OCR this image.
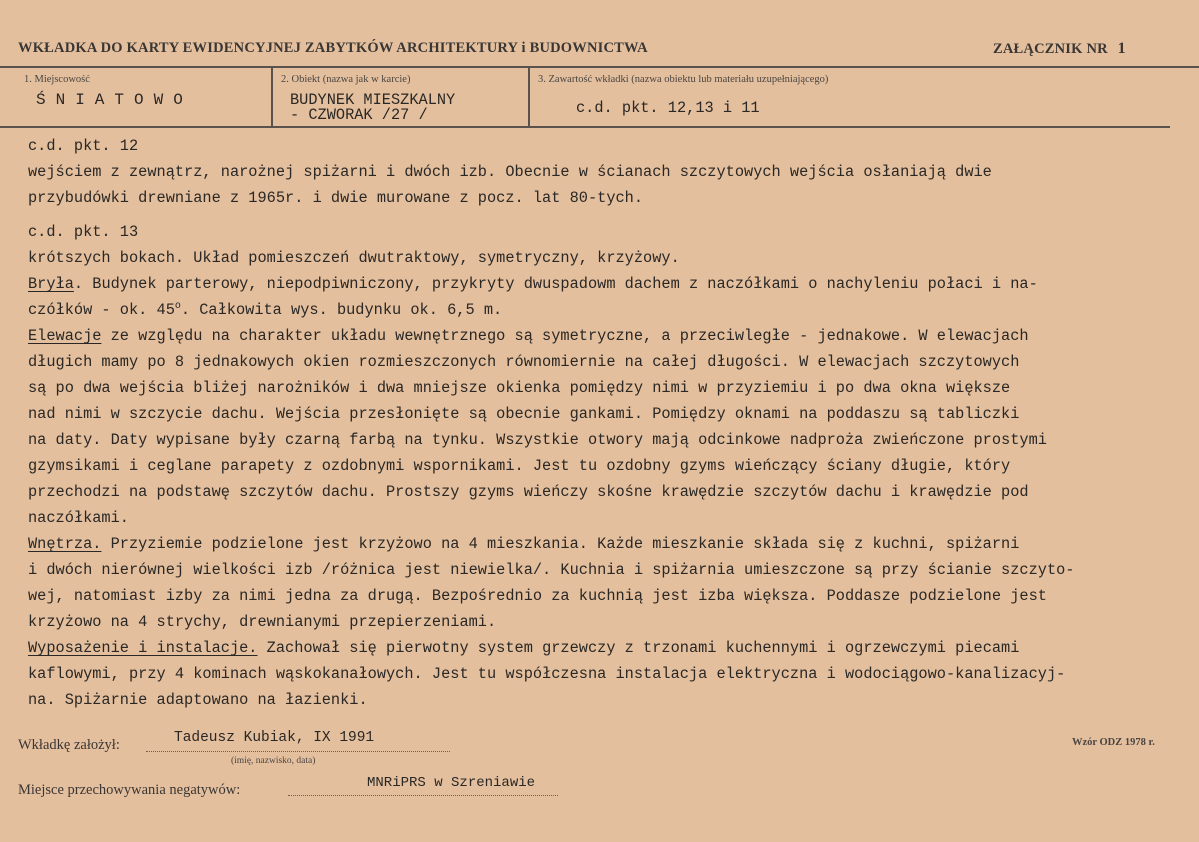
WKŁADKA DO KARTY EWIDENCYJNEJ ZABYTKÓW ARCHITEKTURY i BUDOWNICTWA	ZAŁĄCZNIK NR 1
1. Miejscowość
ŚNIATOWO
2. Obiekt (nazwa jak w karcie)
BUDYNEK MIESZKALNY
- CZWORAK /27 /
3. Zawartość wkładki (nazwa obiektu lub materiału uzupełniającego)
c.d. pkt. 12,13 i 11
c.d. pkt. 12
wejściem z zewnątrz, narożnej spiżarni i dwóch izb. Obecnie w ścianach szczytowych wejścia osłaniają dwie
przybudówki drewniane z 1965r. i dwie murowane z pocz. lat 80-tych.
c.d. pkt. 13
krótszych bokach. Układ pomieszczeń dwutraktowy, symetryczny, krzyżowy.
Bryła. Budynek parterowy, niepodpiwniczony, przykryty dwuspadowm dachem z naczółkami o nachyleniu połaci i na-
czółków - ok. 45$^o$. Całkowita wys. budynku ok. 6,5 m.
Elewacje ze względu na charakter układu wewnętrznego są symetryczne, a przeciwległe - jednakowe. W elewacjach
długich mamy po 8 jednakowych okien rozmieszczonych równomiernie na całej długości. W elewacjach szczytowych
są po dwa wejścia bliżej narożników i dwa mniejsze okienka pomiędzy nimi w przyziemiu i po dwa okna większe
nad nimi w szczycie dachu. Wejścia przesłonięte są obecnie gankami. Pomiędzy oknami na poddaszu są tabliczki
na daty. Daty wypisane były czarną farbą na tynku. Wszystkie otwory mają odcinkowe nadproża zwieńczone prostymi
gzymsikami i ceglane parapety z ozdobnymi wspornikami. Jest tu ozdobny gzyms wieńczący ściany długie, który
przechodzi na podstawę szczytów dachu. Prostszy gzyms wieńczy skośne krawędzie szczytów dachu i krawędzie pod
naczółkami.
Wnętrza. Przyziemie podzielone jest krzyżowo na 4 mieszkania. Każde mieszkanie składa się z kuchni, spiżarni
i dwóch nierównej wielkości izb /różnica jest niewielka/. Kuchnia i spiżarnia umieszczone są przy ścianie szczyto-
wej, natomiast izby za nimi jedna za drugą. Bezpośrednio za kuchnią jest izba większa. Poddasze podzielone jest
krzyżowo na 4 strychy, drewnianymi przepierzeniami.
Wyposażenie i instalacje. Zachował się pierwotny system grzewczy z trzonami kuchennymi i ogrzewczymi piecami
kaflowymi, przy 4 kominach wąskokanałowych. Jest tu współczesna instalacja elektryczna i wodociągowo-kanalizacyj-
na. Spiżarnie adaptowano na łazienki.
Wkładkę założył:	Tadeusz Kubiak, IX 1991
(imię, nazwisko, data)
Wzór ODZ 1978 r.
Miejsce przechowywania negatywów:	MNRiPRS w Szreniawie
